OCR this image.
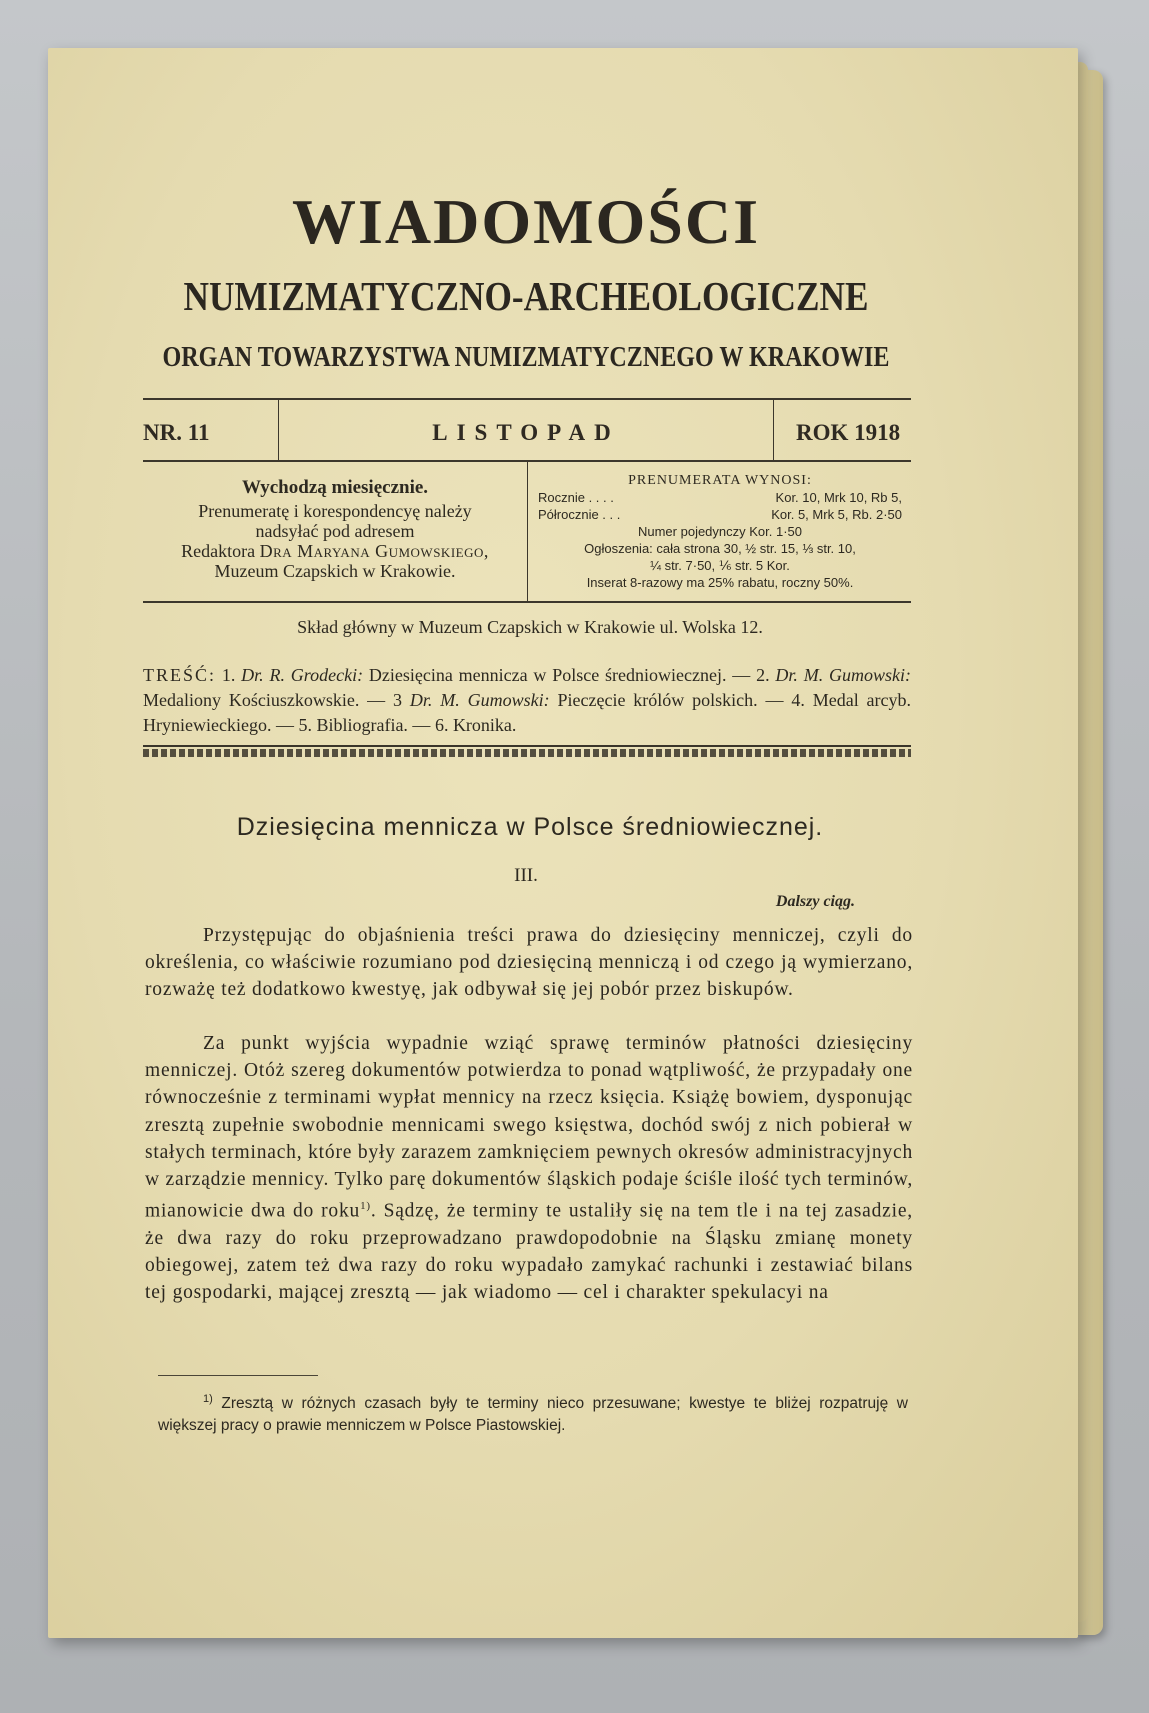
WIADOMOŚCI
NUMIZMATYCZNO-ARCHEOLOGICZNE
ORGAN TOWARZYSTWA NUMIZMATYCZNEGO W KRAKOWIE
NR. 11	LISTOPAD	ROK 1918
Wychodzą miesięcznie.
Prenumeratę i korespondencyę należy
nadsyłać pod adresem
Redaktora Dra Maryana Gumowskiego,
Muzeum Czapskich w Krakowie.
PRENUMERATA WYNOSI:
Rocznie . . . .	Kor. 10, Mrk 10, Rb 5,
Półrocznie . . .	Kor. 5, Mrk 5, Rb. 2·50
Numer pojedynczy Kor. 1·50
Ogłoszenia: cała strona 30, ½ str. 15, ⅓ str. 10,
¼ str. 7·50, ⅙ str. 5 Kor.
Inserat 8-razowy ma 25% rabatu, roczny 50%.
Skład główny w Muzeum Czapskich w Krakowie ul. Wolska 12.
TREŚĆ: 1. Dr. R. Grodecki: Dziesięcina mennicza w Polsce średniowiecznej. — 2. Dr. M. Gumowski: Medaliony Kościuszkowskie. — 3 Dr. M. Gumowski: Pieczęcie królów polskich. — 4. Medal arcyb. Hryniewieckiego. — 5. Bibliografia. — 6. Kronika.
Dziesięcina mennicza w Polsce średniowiecznej.
III.
Dalszy ciąg.
Przystępując do objaśnienia treści prawa do dziesięciny menniczej, czyli do określenia, co właściwie rozumiano pod dziesięciną menniczą i od czego ją wymierzano, rozważę też dodatkowo kwestyę, jak odbywał się jej pobór przez biskupów.
Za punkt wyjścia wypadnie wziąć sprawę terminów płatności dziesięciny menniczej. Otóż szereg dokumentów potwierdza to ponad wątpliwość, że przypadały one równocześnie z terminami wypłat mennicy na rzecz księcia. Książę bowiem, dysponując zresztą zupełnie swobodnie mennicami swego księstwa, dochód swój z nich pobierał w stałych terminach, które były zarazem zamknięciem pewnych okresów administracyjnych w zarządzie mennicy. Tylko parę dokumentów śląskich podaje ściśle ilość tych terminów, mianowicie dwa do roku$^{1)}$. Sądzę, że terminy te ustaliły się na tem tle i na tej zasadzie, że dwa razy do roku przeprowadzano prawdopodobnie na Śląsku zmianę monety obiegowej, zatem też dwa razy do roku wypadało zamykać rachunki i zestawiać bilans tej gospodarki, mającej zresztą — jak wiadomo — cel i charakter spekulacyi na
$^{1)}$ Zresztą w różnych czasach były te terminy nieco przesuwane; kwestye te bliżej rozpatruję w większej pracy o prawie menniczem w Polsce Piastowskiej.
